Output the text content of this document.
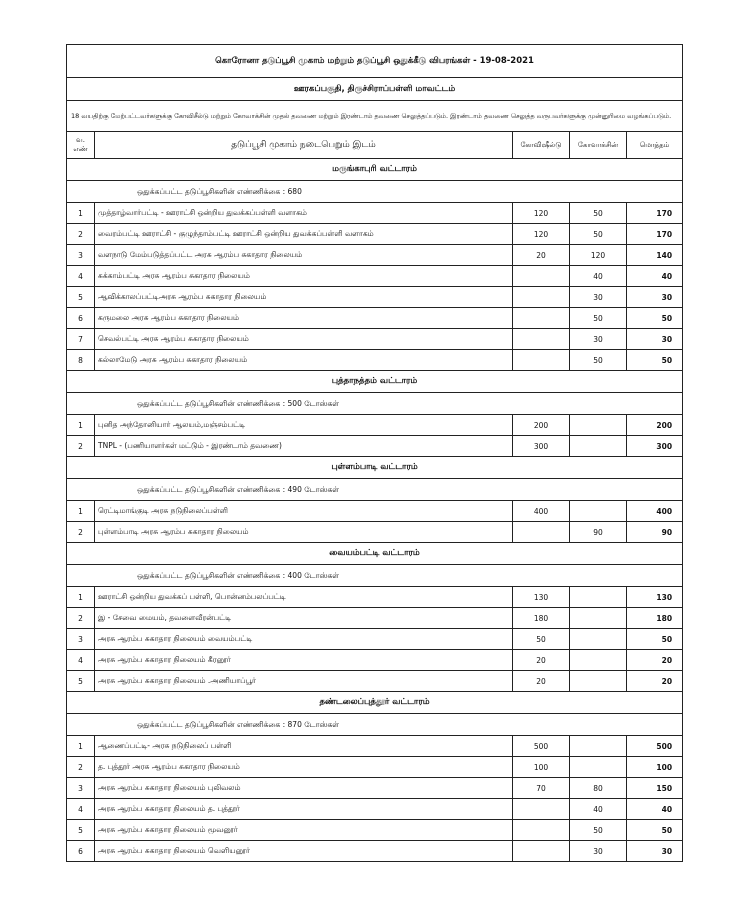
கொரோனா தடுப்பூசி முகாம் மற்றும் தடுப்பூசி ஒதுக்கீடு விபரங்கள் - 19-08-2021				
ஊரகப்பகுதி, திருச்சிராப்பள்ளி மாவட்டம்				
18 வயதிற்கு மேற்பட்டவர்களுக்கு கோவிசீல்டு மற்றும் கோவாக்சின் முதல் தவணை மற்றும் இரண்டாம் தவணை செலுத்தப்படும். இரண்டாம் தவணை செலுத்த வருபவர்களுக்கு முன்னுரிமை வழங்கப்படும்.				
வ. எண்	தடுப்பூசி முகாம் நடைபெறும் இடம்	கோவிஷீல்டு	கோவாக்சின்	மொத்தம்
மருங்காபுரி வட்டாரம்				
ஒதுக்கப்பட்ட தடுப்பூசிகளின் எண்ணிக்கை : 680				
1	முத்தாழ்வார்பட்டி - ஊராட்சி ஒன்றிய துவக்கப்பள்ளி வளாகம்	120	50	170
2	வைரம்பட்டி ஊராட்சி - குழுந்தாம்பட்டி ஊராட்சி ஒன்றிய துவக்கப்பள்ளி வளாகம்	120	50	170
3	வளநாடு மேம்படுத்தப்பட்ட அரசு ஆரம்ப சுகாதார நிலையம்	20	120	140
4	சுக்காம்பட்டி அரசு ஆரம்ப சுகாதார நிலையம்		40	40
5	ஆவிக்காலப்பட்டிஅரசு ஆரம்ப சுகாதார நிலையம்		30	30
6	கருமலை அரசு ஆரம்ப சுகாதார நிலையம்		50	50
7	செவல்பட்டி அரசு ஆரம்ப சுகாதார நிலையம்		30	30
8	கல்லாமேடு அரசு ஆரம்ப சுகாதார நிலையம்		50	50
புத்தாநத்தம் வட்டாரம்				
ஒதுக்கப்பட்ட தடுப்பூசிகளின் எண்ணிக்கை : 500 டோஸ்கள்				
1	புனித அந்தோனியார் ஆலயம்,மஞ்சம்பட்டி	200		200
2	TNPL - (பணியாளர்கள் மட்டும் - இரண்டாம் தவணை)	300		300
புள்ளம்பாடி வட்டாரம்				
ஒதுக்கப்பட்ட தடுப்பூசிகளின் எண்ணிக்கை : 490 டோஸ்கள்				
1	ரெட்டிமாங்குடி அரசு நடுநிலைப்பள்ளி	400		400
2	புள்ளம்பாடி அரசு ஆரம்ப சுகாதார நிலையம்		90	90
வையம்பட்டி வட்டாரம்				
ஒதுக்கப்பட்ட தடுப்பூசிகளின் எண்ணிக்கை : 400 டோஸ்கள்				
1	ஊராட்சி ஒன்றிய துவக்கப் பள்ளி, பொன்னம்பலப்பட்டி	130		130
2	இ - சேவை மையம், தவளைவீரன்பட்டி	180		180
3	அரசு ஆரம்ப சுகாதார நிலையம் வையம்பட்டி	50		50
4	அரசு ஆரம்ப சுகாதார நிலையம் கீரனூர்	20		20
5	அரசு ஆரம்ப சுகாதார நிலையம் .அணியாப்பூர்	20		20
தண்டலைப்புத்தூர் வட்டாரம்				
ஒதுக்கப்பட்ட தடுப்பூசிகளின் எண்ணிக்கை : 870 டோஸ்கள்				
1	ஆணைப்பட்டி- அரசு நடுநிலைப் பள்ளி	500		500
2	த. புத்தூர் அரசு ஆரம்ப சுகாதார நிலையம்	100		100
3	அரசு ஆரம்ப சுகாதார நிலையம் புலிவலம்	70	80	150
4	அரசு ஆரம்ப சுகாதார நிலையம் த. புத்தூர்		40	40
5	அரசு ஆரம்ப சுகாதார நிலையம் மூவனூர்		50	50
6	அரசு ஆரம்ப சுகாதார நிலையம் வெளியனூர்		30	30
